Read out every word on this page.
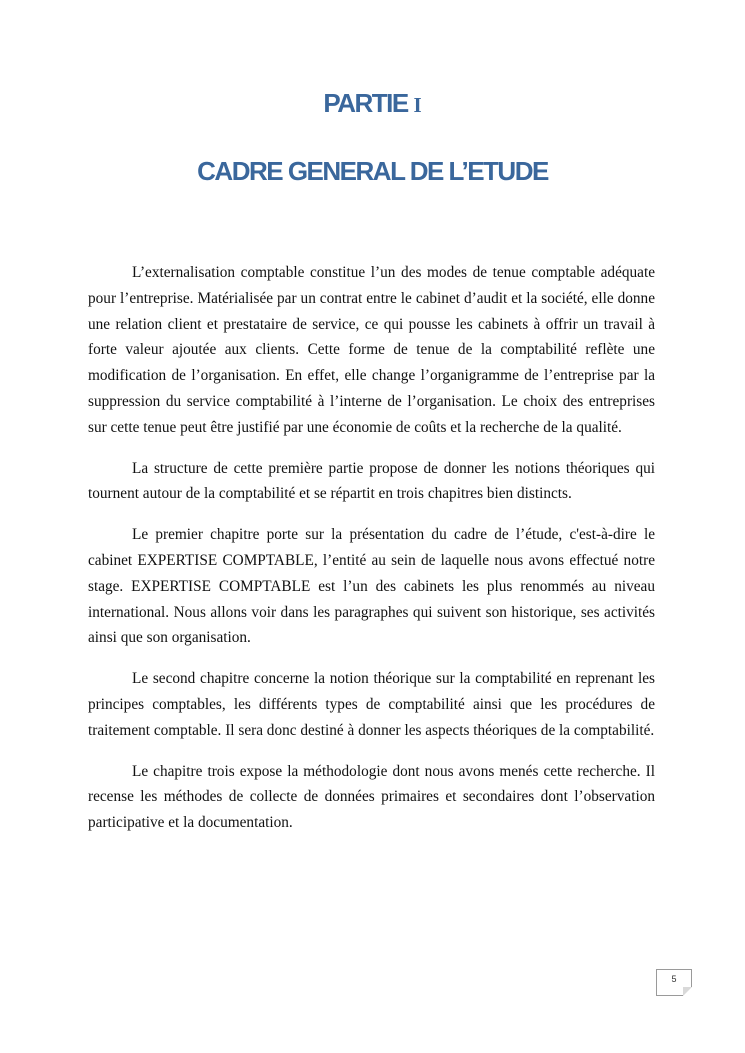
PARTIE I
CADRE GENERAL DE L’ETUDE

L’externalisation comptable constitue l’un des modes de tenue comptable adéquate pour l’entreprise. Matérialisée par un contrat entre le cabinet d’audit et la société, elle donne une relation client et prestataire de service, ce qui pousse les cabinets à offrir un travail à forte valeur ajoutée aux clients. Cette forme de tenue de la comptabilité reflète une modification de l’organisation. En effet, elle change l’organigramme de l’entreprise par la suppression du service comptabilité à l’interne de l’organisation. Le choix des entreprises sur cette tenue peut être justifié par une économie de coûts et la recherche de la qualité.

La structure de cette première partie propose de donner les notions théoriques qui tournent autour de la comptabilité et se répartit en trois chapitres bien distincts.

Le premier chapitre porte sur la présentation du cadre de l’étude, c'est-à-dire le cabinet EXPERTISE COMPTABLE, l’entité au sein de laquelle nous avons effectué notre stage. EXPERTISE COMPTABLE est l’un des cabinets les plus renommés au niveau international. Nous allons voir dans les paragraphes qui suivent son historique, ses activités ainsi que son organisation.

Le second chapitre concerne la notion théorique sur la comptabilité en reprenant les principes comptables, les différents types de comptabilité ainsi que les procédures de traitement comptable. Il sera donc destiné à donner les aspects théoriques de la comptabilité.

Le chapitre trois expose la méthodologie dont nous avons menés cette recherche. Il recense les méthodes de collecte de données primaires et secondaires dont l’observation participative et la documentation.

5
